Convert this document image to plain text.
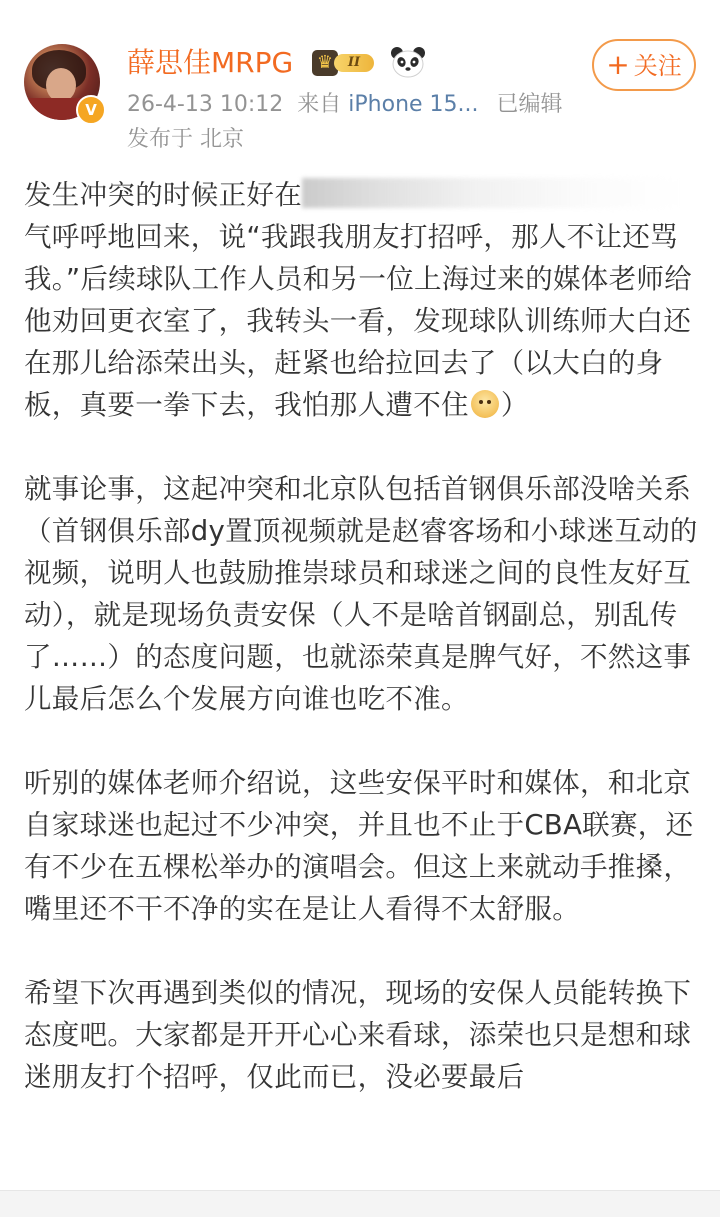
V
薛思佳MRPG ♛	II
26-4-13 10:12 来自 iPhone 15... 已编辑
发布于 北京
+ 关注

发生冲突的时候正好在气呼呼地回来，说“我跟我朋友打招呼，那人不让还骂我。”后续球队工作人员和另一位上海过来的媒体老师给他劝回更衣室了，我转头一看，发现球队训练师大白还在那儿给添荣出头，赶紧也给拉回去了（以大白的身板，真要一拳下去，我怕那人遭不住 ）

就事论事，这起冲突和北京队包括首钢俱乐部没啥关系（首钢俱乐部dy置顶视频就是赵睿客场和小球迷互动的视频，说明人也鼓励推崇球员和球迷之间的良性友好互动），就是现场负责安保（人不是啥首钢副总，别乱传了……）的态度问题，也就添荣真是脾气好，不然这事儿最后怎么个发展方向谁也吃不准。

听别的媒体老师介绍说，这些安保平时和媒体，和北京自家球迷也起过不少冲突，并且也不止于CBA联赛，还有不少在五棵松举办的演唱会。但这上来就动手推搡，嘴里还不干不净的实在是让人看得不太舒服。

希望下次再遇到类似的情况，现场的安保人员能转换下态度吧。大家都是开开心心来看球，添荣也只是想和球迷朋友打个招呼，仅此而已，没必要最后
